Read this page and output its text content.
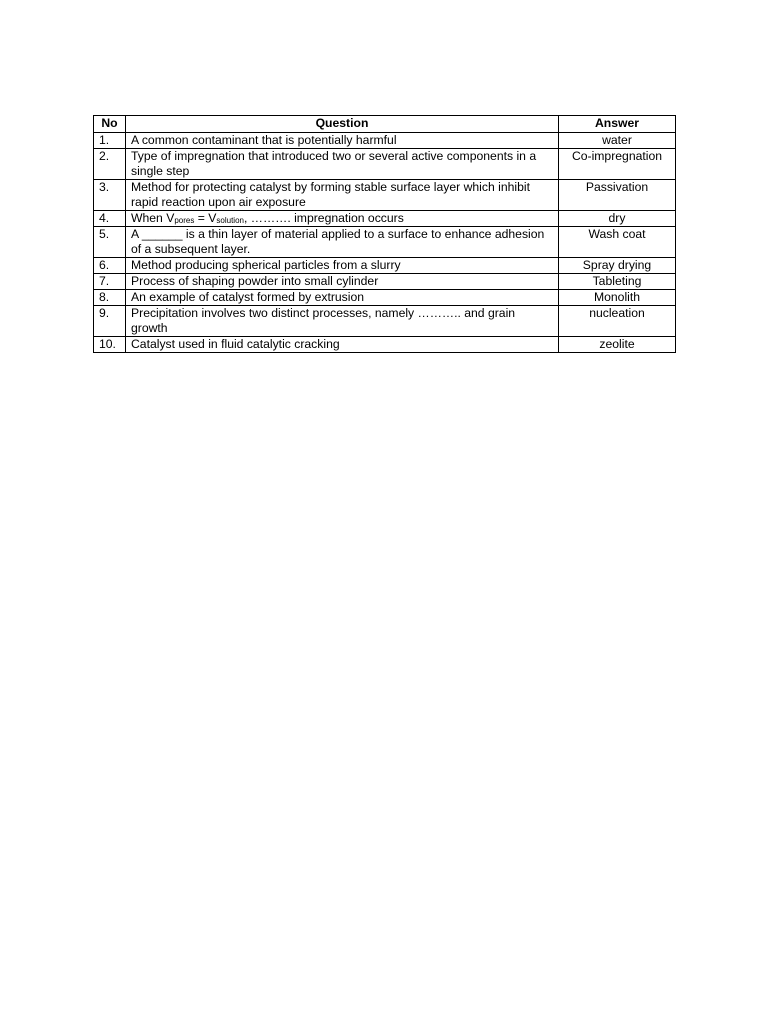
No	Question	Answer
1.	A common contaminant that is potentially harmful	water
2.	Type of impregnation that introduced two or several active components in a single step	Co-impregnation
3.	Method for protecting catalyst by forming stable surface layer which inhibit rapid reaction upon air exposure	Passivation
4.	When Vpores = Vsolution, ………. impregnation occurs	dry
5.	A ______ is a thin layer of material applied to a surface to enhance adhesion of a subsequent layer.	Wash coat
6.	Method producing spherical particles from a slurry	Spray drying
7.	Process of shaping powder into small cylinder	Tableting
8.	An example of catalyst formed by extrusion	Monolith
9.	Precipitation involves two distinct processes, namely ……….. and grain growth	nucleation
10.	Catalyst used in fluid catalytic cracking	zeolite
